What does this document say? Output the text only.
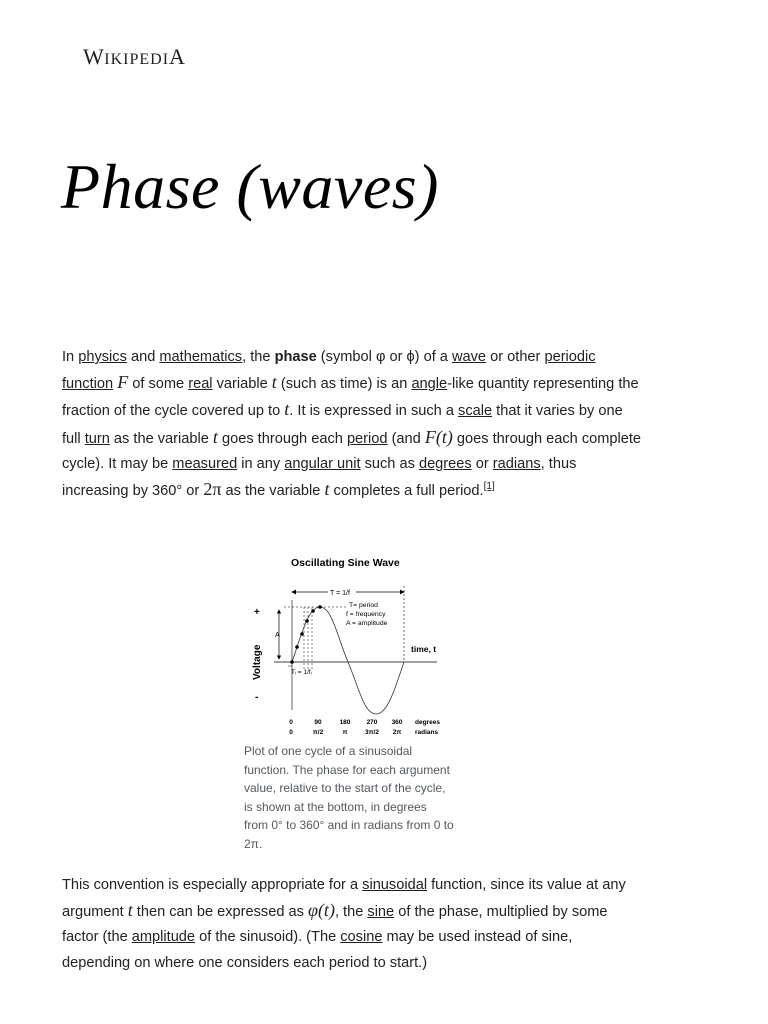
WIKIPEDIA
Phase (waves)

In physics and mathematics, the phase (symbol φ or ϕ) of a wave or other periodic function F of some real variable t (such as time) is an angle-like quantity representing the fraction of the cycle covered up to t. It is expressed in such a scale that it varies by one full turn as the variable t goes through each period (and F(t) goes through each complete cycle). It may be measured in any angular unit such as degrees or radians, thus increasing by 360° or 2π as the variable t completes a full period.[1]

Oscillating Sine Wave
T = 1/f
A
T= period
f = frequency
A = amplitude
+
Voltage
-
time, t
Tᵢ = 1/fᵢ
0	90	180 270 360 degrees
0	π/2	π	3π/2 2π radians
Plot of one cycle of a sinusoidal function. The phase for each argument value, relative to the start of the cycle, is shown at the bottom, in degrees from 0° to 360° and in radians from 0 to 2π.

This convention is especially appropriate for a sinusoidal function, since its value at any argument t then can be expressed as φ(t), the sine of the phase, multiplied by some factor (the amplitude of the sinusoid). (The cosine may be used instead of sine, depending on where one considers each period to start.)
